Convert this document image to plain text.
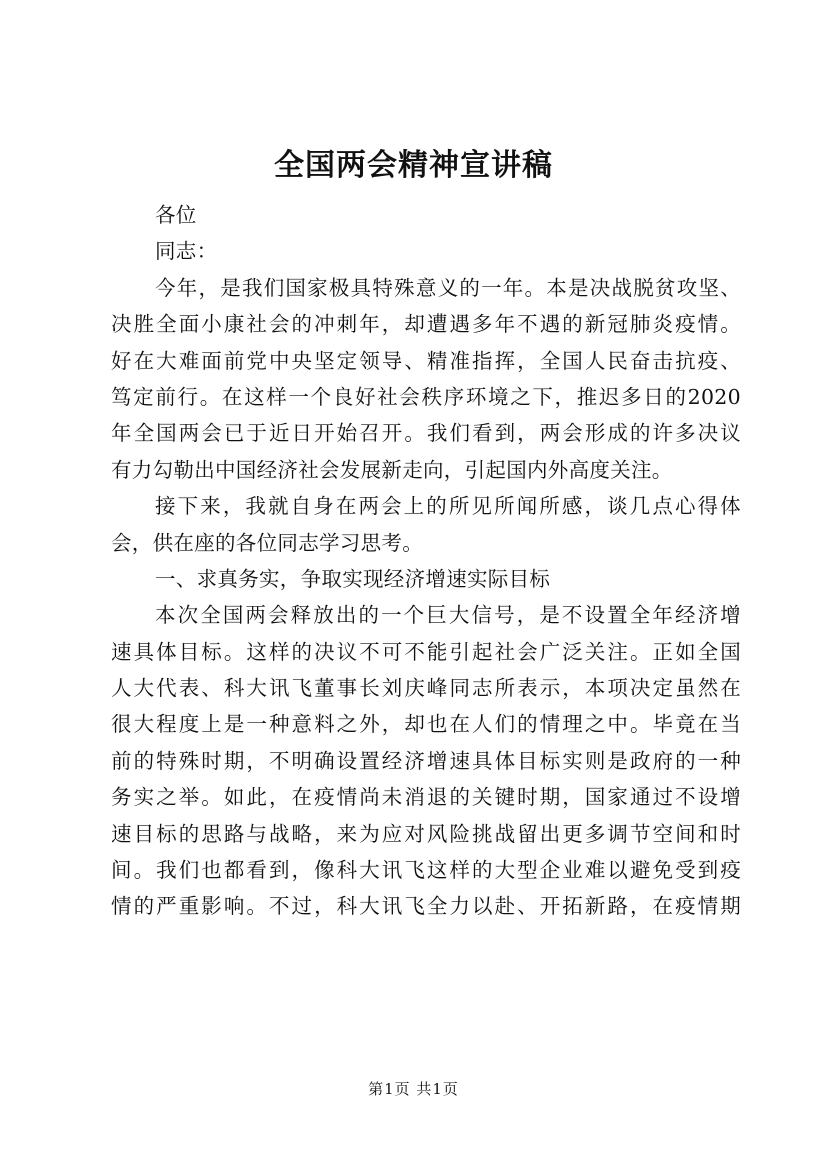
全国两会精神宣讲稿
各位
同志：
今年，是我们国家极具特殊意义的一年。本是决战脱贫攻坚、
决胜全面小康社会的冲刺年，却遭遇多年不遇的新冠肺炎疫情。
好在大难面前党中央坚定领导、精准指挥，全国人民奋击抗疫、
笃定前行。在这样一个良好社会秩序环境之下，推迟多日的2020
年全国两会已于近日开始召开。我们看到，两会形成的许多决议
有力勾勒出中国经济社会发展新走向，引起国内外高度关注。
接下来，我就自身在两会上的所见所闻所感，谈几点心得体
会，供在座的各位同志学习思考。
一、求真务实，争取实现经济增速实际目标
本次全国两会释放出的一个巨大信号，是不设置全年经济增
速具体目标。这样的决议不可不能引起社会广泛关注。正如全国
人大代表、科大讯飞董事长刘庆峰同志所表示，本项决定虽然在
很大程度上是一种意料之外，却也在人们的情理之中。毕竟在当
前的特殊时期，不明确设置经济增速具体目标实则是政府的一种
务实之举。如此，在疫情尚未消退的关键时期，国家通过不设增
速目标的思路与战略，来为应对风险挑战留出更多调节空间和时
间。我们也都看到，像科大讯飞这样的大型企业难以避免受到疫
情的严重影响。不过，科大讯飞全力以赴、开拓新路，在疫情期
第1页 共1页
